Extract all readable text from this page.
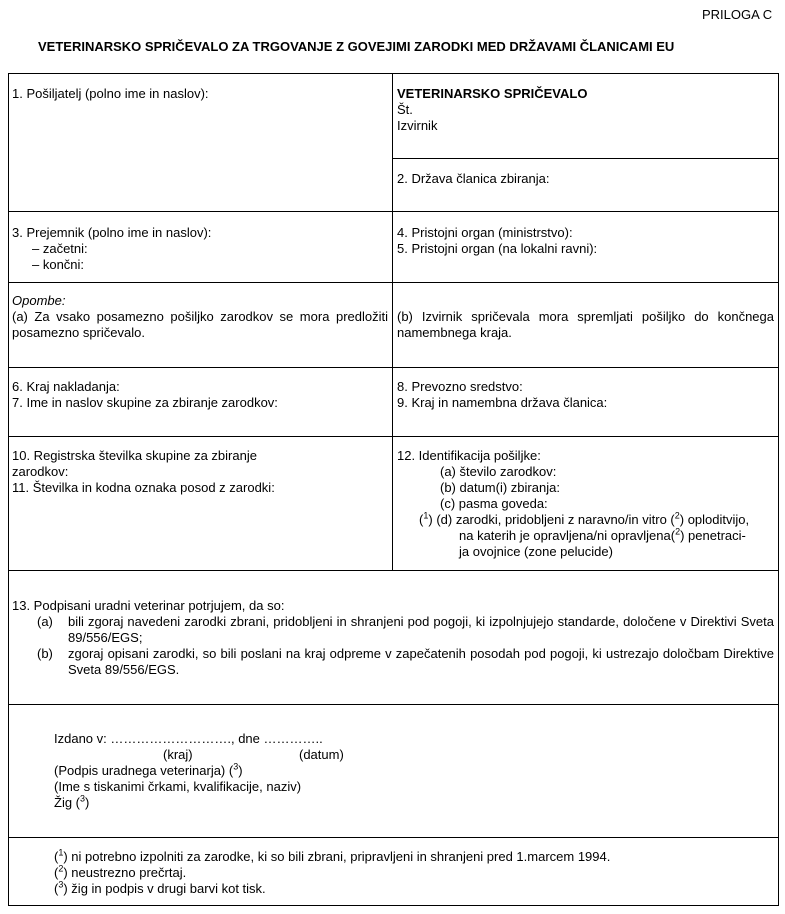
PRILOGA C
VETERINARSKO SPRIČEVALO ZA TRGOVANJE Z GOVEJIMI ZARODKI MED DRŽAVAMI ČLANICAMI EU
1. Pošiljatelj (polno ime in naslov):	VETERINARSKO SPRIČEVALO
Št.
Izvirnik
2. Država članica zbiranja:
3. Prejemnik (polno ime in naslov):
– začetni:
– končni:
4. Pristojni organ (ministrstvo):
5. Pristojni organ (na lokalni ravni):
Opombe:
(a) Za vsako posamezno pošiljko zarodkov se mora predložiti posamezno spričevalo.
(b) Izvirnik spričevala mora spremljati pošiljko do končnega namembnega kraja.
6. Kraj nakladanja:
7. Ime in naslov skupine za zbiranje zarodkov:
8. Prevozno sredstvo:
9. Kraj in namembna država članica:
10. Registrska številka skupine za zbiranje zarodkov:
11. Številka in kodna oznaka posod z zarodki:
12. Identifikacija pošiljke:
(a) število zarodkov:
(b) datum(i) zbiranja:
(c) pasma goveda:
($^1$) (d) zarodki, pridobljeni z naravno/in vitro ($^2$) oploditvijo,
na katerih je opravljena/ni opravljena($^2$) penetraci-
ja ovojnice (zone pelucide)
13. Podpisani uradni veterinar potrjujem, da so:
(a) bili zgoraj navedeni zarodki zbrani, pridobljeni in shranjeni pod pogoji, ki izpolnjujejo standarde, določene v Direktivi Sveta 89/556/EGS;
(b) zgoraj opisani zarodki, so bili poslani na kraj odpreme v zapečatenih posodah pod pogoji, ki ustrezajo določbam Direktive Sveta 89/556/EGS.
Izdano v: ………………………., dne …………..
(kraj)	(datum)
(Podpis uradnega veterinarja) ($^3$)
(Ime s tiskanimi črkami, kvalifikacije, naziv)
Žig ($^3$)
($^1$) ni potrebno izpolniti za zarodke, ki so bili zbrani, pripravljeni in shranjeni pred 1.marcem 1994.
($^2$) neustrezno prečrtaj.
($^3$) žig in podpis v drugi barvi kot tisk.
